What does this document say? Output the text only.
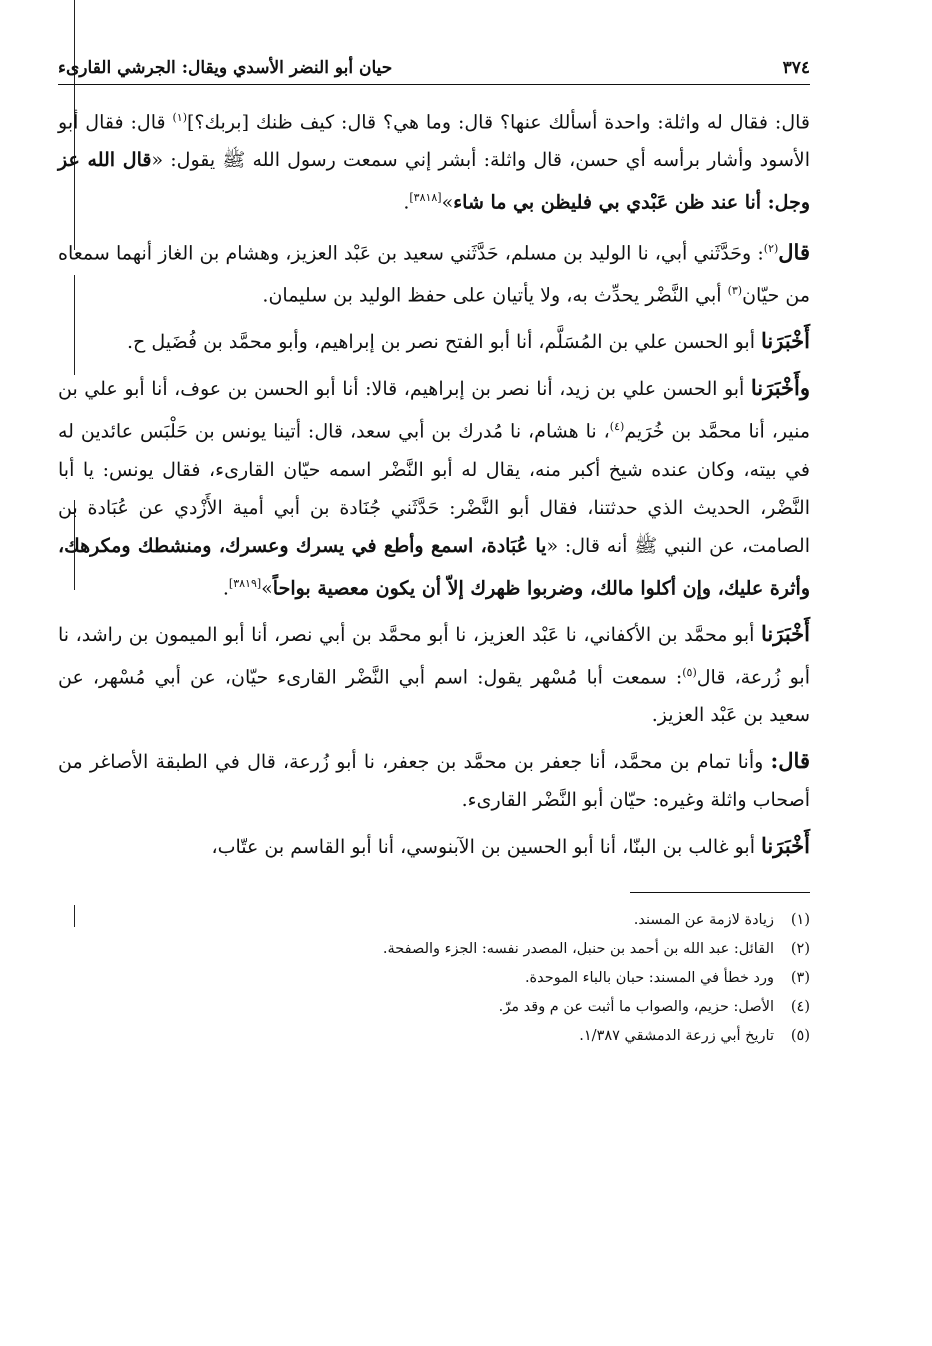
٣٧٤
حيان أبو النضر الأسدي ويقال: الجرشي القارىء

قال: فقال له واثلة: واحدة أسألك عنها؟ قال: وما هي؟ قال: كيف ظنك [بربك؟]$^{(١)}$ قال: فقال أبو الأسود وأشار برأسه أي حسن، قال واثلة: أبشر إني سمعت رسول الله ﷺ يقول: «قال الله عز وجل: أنا عند ظن عَبْدي بي فليظن بي ما شاء»[٣٨١٨].

قال$^{(٢)}$: وحَدَّثَني أبي، نا الوليد بن مسلم، حَدَّثَني سعيد بن عَبْد العزيز، وهشام بن الغاز أنهما سمعاه من حيّان$^{(٣)}$ أبي النَّضْر يحدِّث به، ولا يأتيان على حفظ الوليد بن سليمان.

أَخْبَرَنا أبو الحسن علي بن المُسَلَّم، أنا أبو الفتح نصر بن إبراهيم، وأبو محمَّد بن فُضَيل ح.

وأَخْبَرَنا أبو الحسن علي بن زيد، أنا نصر بن إبراهيم، قالا: أنا أبو الحسن بن عوف، أنا أبو علي بن منير، أنا محمَّد بن خُرَيم$^{(٤)}$، نا هشام، نا مُدرك بن أبي سعد، قال: أتينا يونس بن حَلْبَس عائدين له في بيته، وكان عنده شيخ أكبر منه، يقال له أبو النَّضْر اسمه حيّان القارىء، فقال يونس: يا أبا النَّضْر، الحديث الذي حدثتنا، فقال أبو النَّضْر: حَدَّثَني جُنَادة بن أبي أمية الأَزْدي عن عُبَادة بن الصامت، عن النبي ﷺ أنه قال: «يا عُبَادة، اسمع وأطع في يسرك وعسرك، ومنشطك ومكرهك، وأثرة عليك، وإن أكلوا مالك، وضربوا ظهرك إلاّ أن يكون معصية بواحاً»[٣٨١٩].

أَخْبَرَنا أبو محمَّد بن الأكفاني، نا عَبْد العزيز، نا أبو محمَّد بن أبي نصر، أنا أبو الميمون بن راشد، نا أبو زُرعة، قال$^{(٥)}$: سمعت أبا مُسْهر يقول: اسم أبي النَّضْر القارىء حيّان، عن أبي مُسْهر، عن سعيد بن عَبْد العزيز.

قال: وأنا تمام بن محمَّد، أنا جعفر بن محمَّد بن جعفر، نا أبو زُرعة، قال في الطبقة الأصاغر من أصحاب واثلة وغيره: حيّان أبو النَّضْر القارىء.

أَخْبَرَنا أبو غالب بن البنّا، أنا أبو الحسين بن الآبنوسي، أنا أبو القاسم بن عتّاب،

(١)
زيادة لازمة عن المسند.
(٢)
القائل: عبد الله بن أحمد بن حنبل، المصدر نفسه: الجزء والصفحة.
(٣)
ورد خطأ في المسند: حبان بالباء الموحدة.
(٤)
الأصل: حزيم، والصواب ما أثبت عن م وقد مرّ.
(٥)
تاريخ أبي زرعة الدمشقي ١/٣٨٧.
